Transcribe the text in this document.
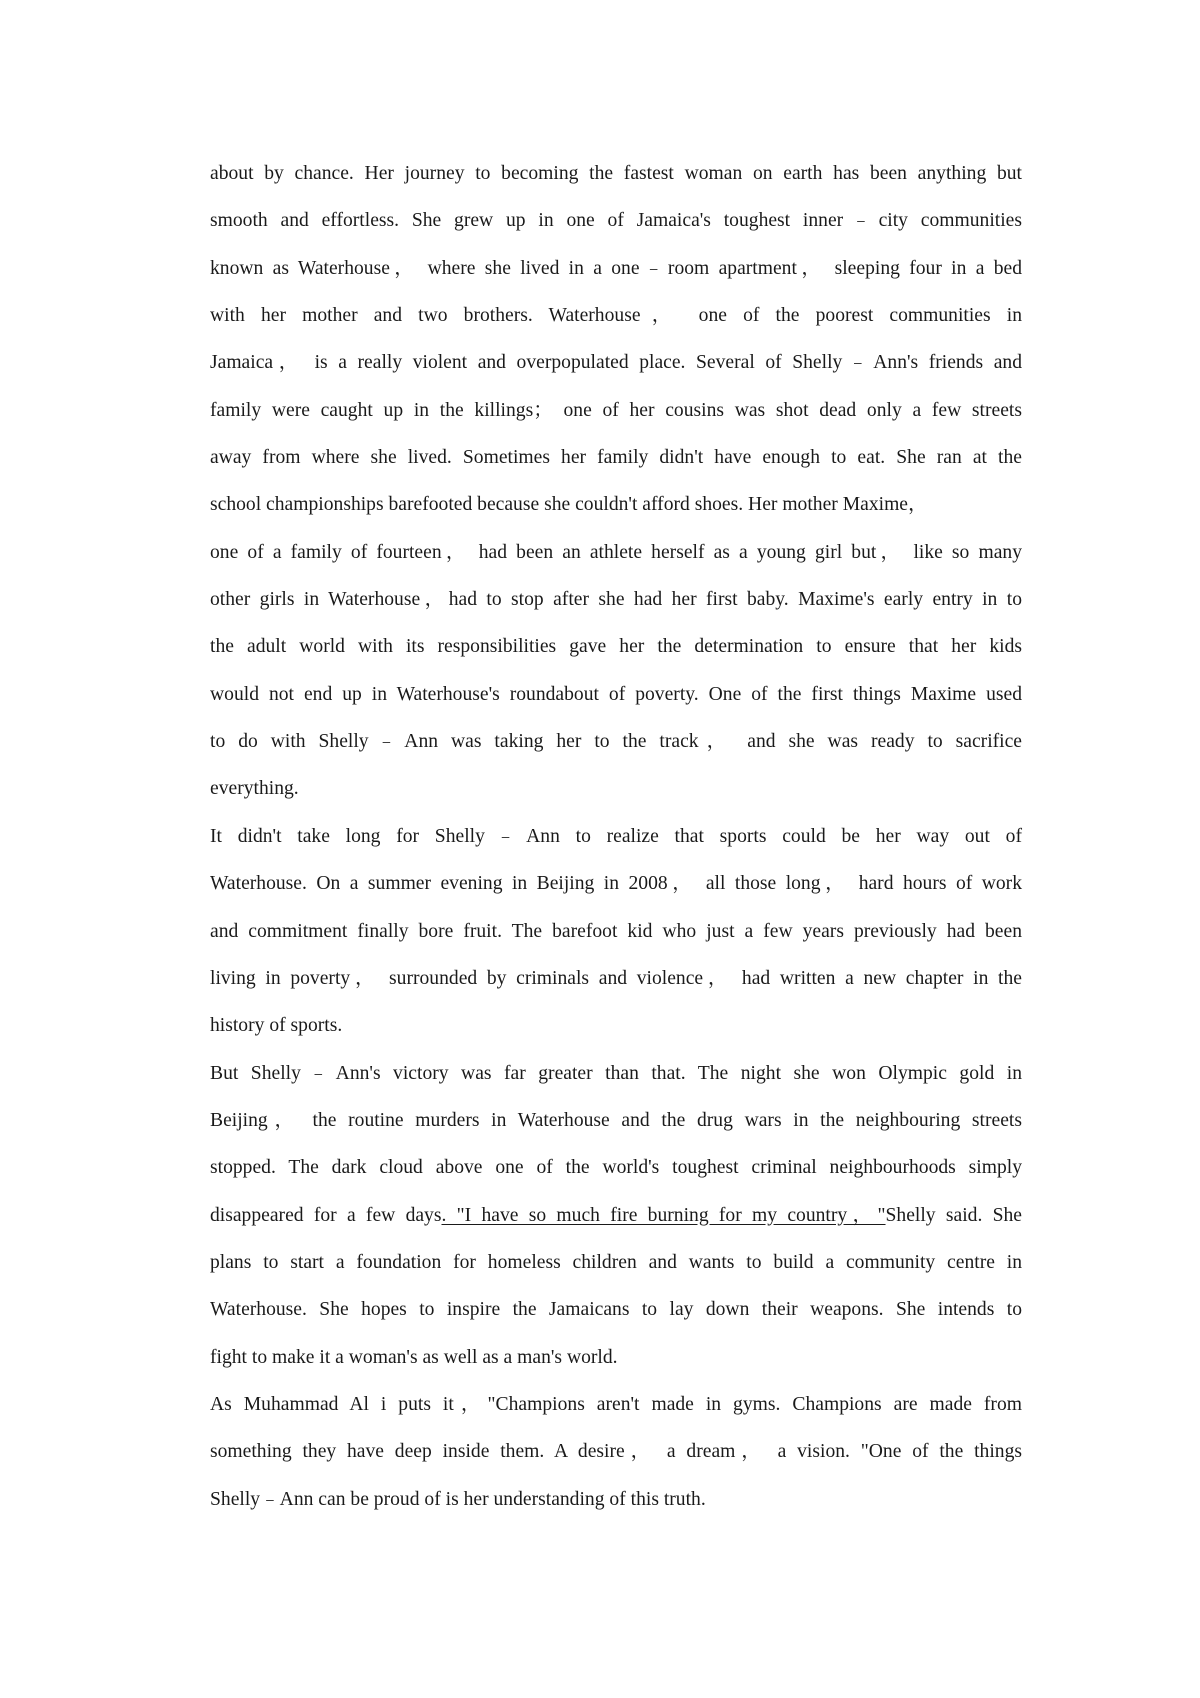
about by chance. Her journey to becoming the fastest woman on earth has been anything but
smooth and effortless. She grew up in one of Jamaica's toughest inner﹣city communities
known as Waterhouse， where she lived in a one﹣room apartment， sleeping four in a bed
with her mother and two brothers. Waterhouse， one of the poorest communities in
Jamaica， is a really violent and overpopulated place. Several of Shelly﹣Ann's friends and
family were caught up in the killings； one of her cousins was shot dead only a few streets
away from where she lived. Sometimes her family didn't have enough to eat. She ran at the
school championships barefooted because she couldn't afford shoes. Her mother Maxime，
one of a family of fourteen， had been an athlete herself as a young girl but， like so many
other girls in Waterhouse，had to stop after she had her first baby. Maxime's early entry in to
the adult world with its responsibilities gave her the determination to ensure that her kids
would not end up in Waterhouse's roundabout of poverty. One of the first things Maxime used
to do with Shelly﹣Ann was taking her to the track， and she was ready to sacrifice
everything.
It didn't take long for Shelly﹣Ann to realize that sports could be her way out of
Waterhouse. On a summer evening in Beijing in 2008， all those long， hard hours of work
and commitment finally bore fruit. The barefoot kid who just a few years previously had been
living in poverty， surrounded by criminals and violence， had written a new chapter in the
history of sports.
But Shelly﹣Ann's victory was far greater than that. The night she won Olympic gold in
Beijing， the routine murders in Waterhouse and the drug wars in the neighbouring streets
stopped. The dark cloud above one of the world's toughest criminal neighbourhoods simply
disappeared for a few days. "I have so much fire burning for my country，"Shelly said. She
plans to start a foundation for homeless children and wants to build a community centre in
Waterhouse. She hopes to inspire the Jamaicans to lay down their weapons. She intends to
fight to make it a woman's as well as a man's world.
As Muhammad Al i puts it，"Champions aren't made in gyms. Champions are made from
something they have deep inside them. A desire， a dream， a vision. "One of the things
Shelly﹣Ann can be proud of is her understanding of this truth.
